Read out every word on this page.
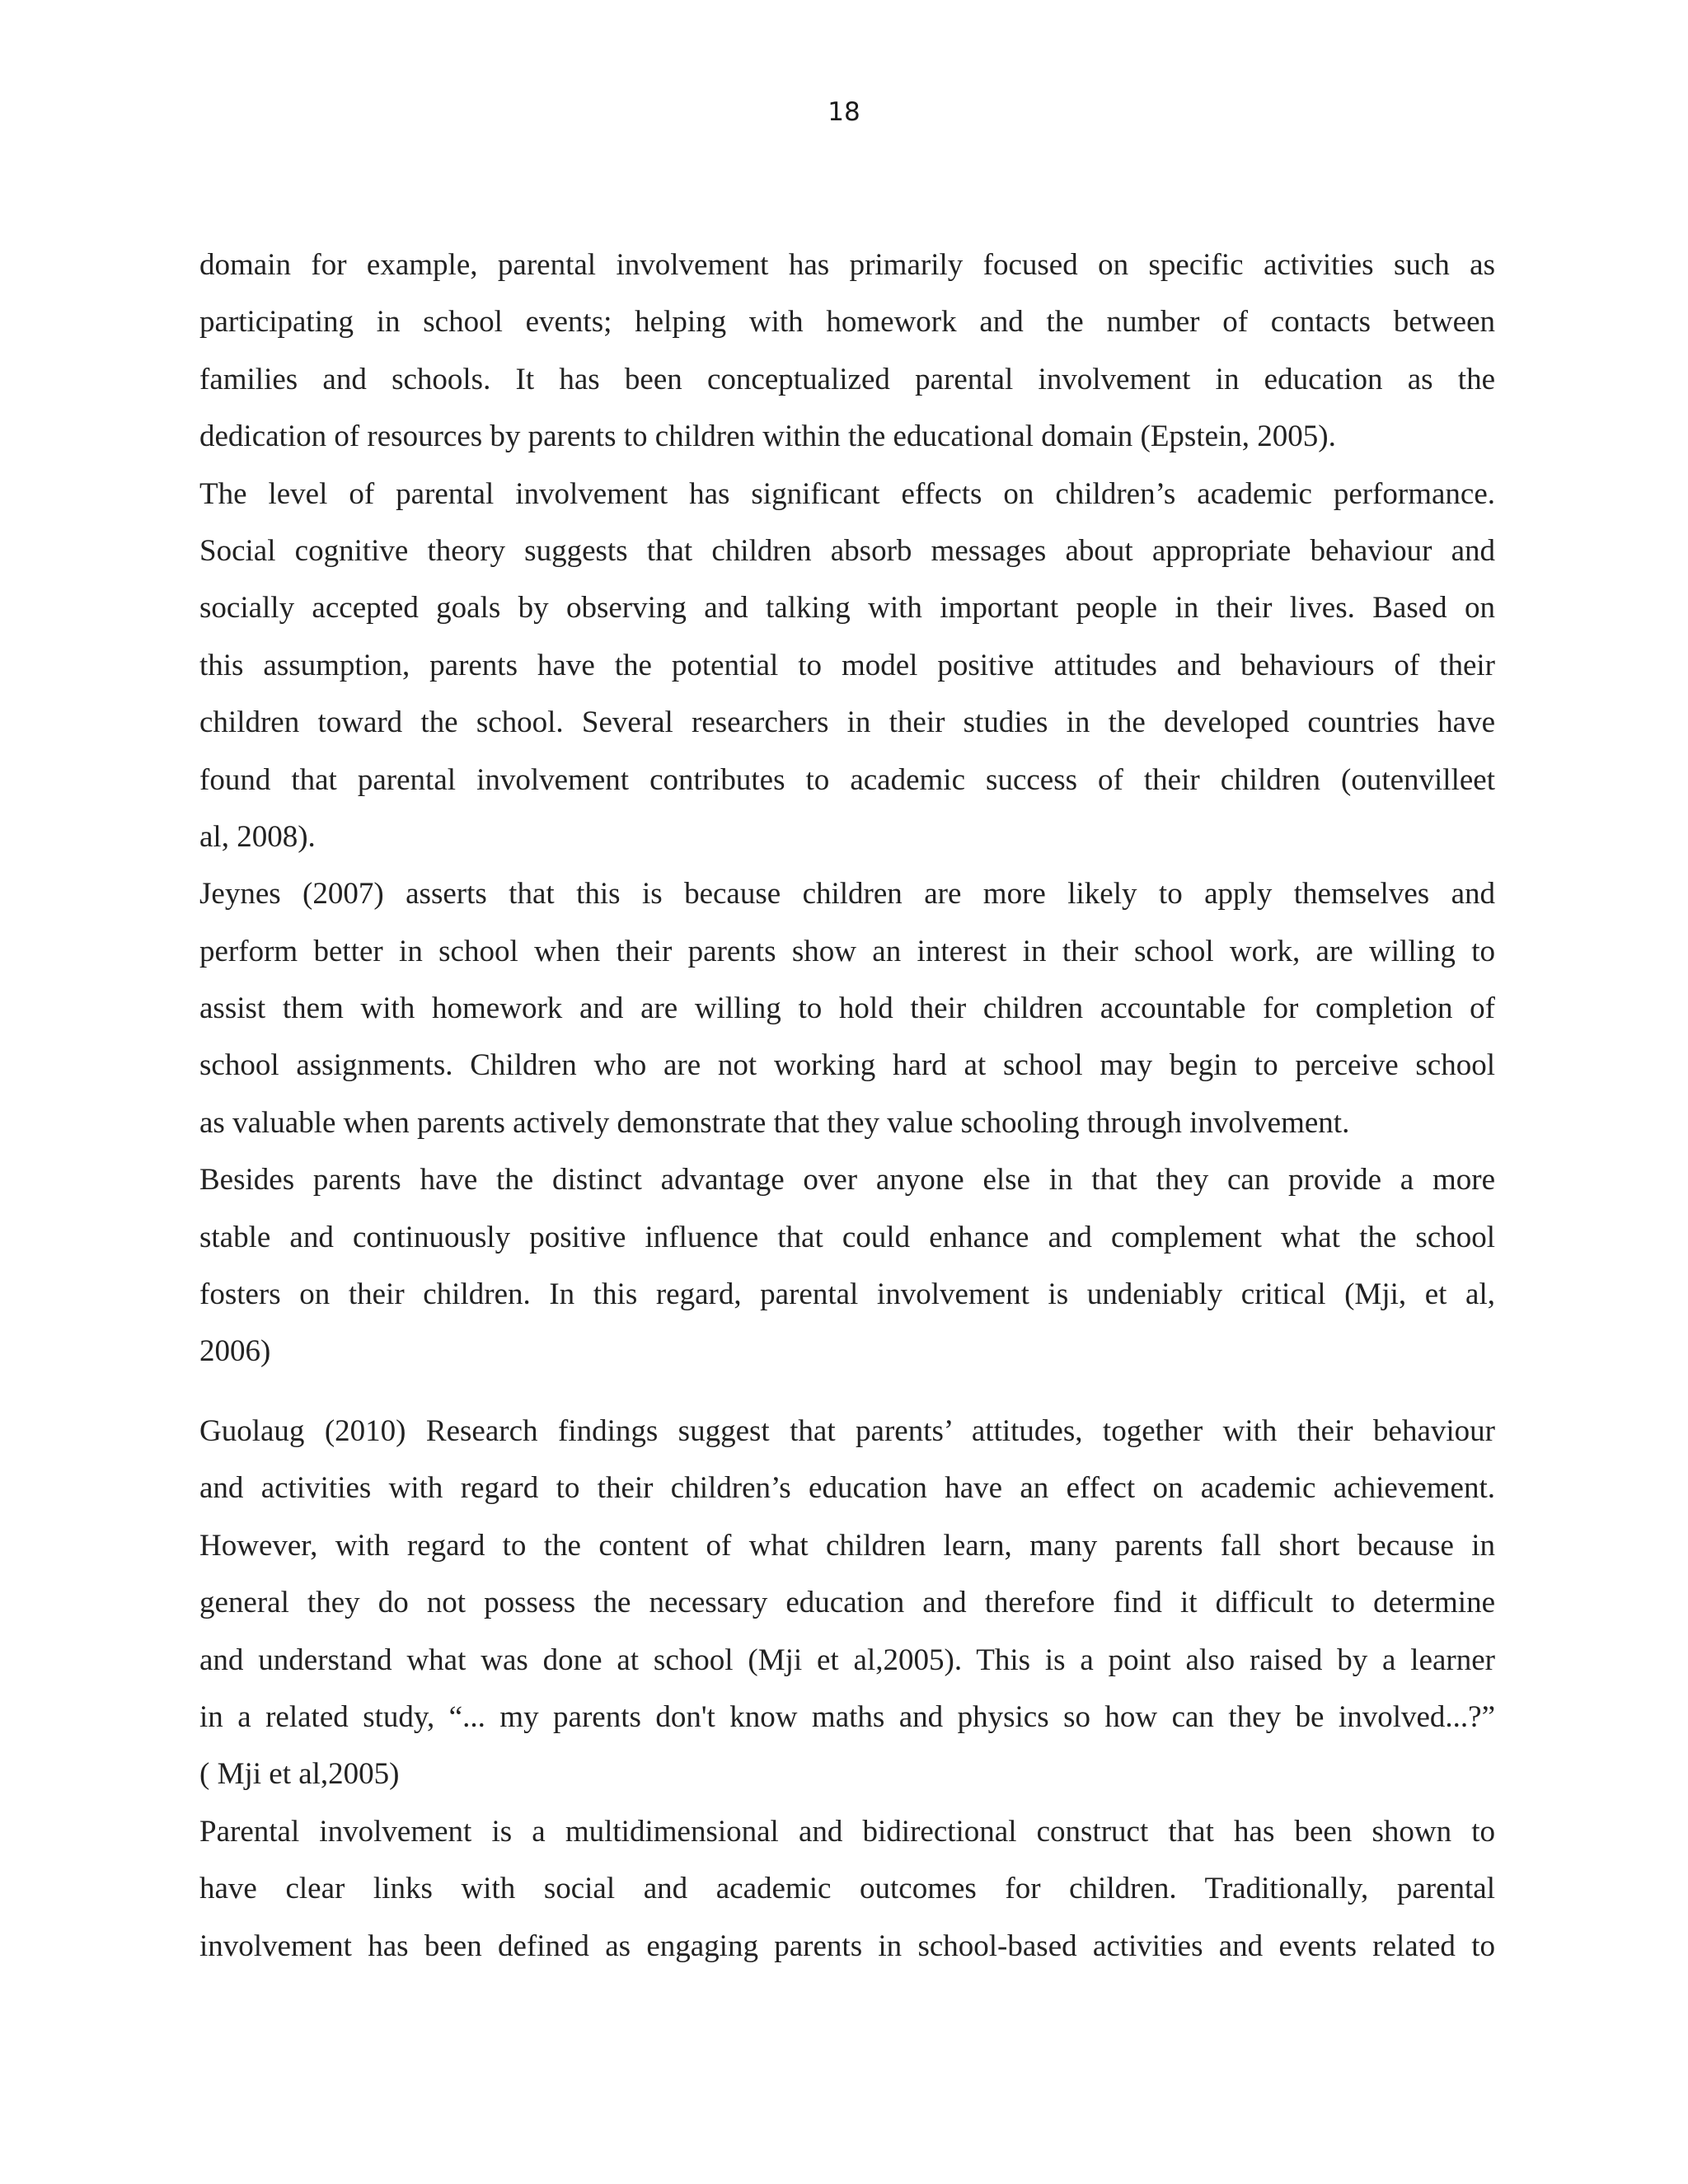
18
domain for example, parental involvement has primarily focused on specific activities such as
participating in school events; helping with homework and the number of contacts between
families and schools. It has been conceptualized parental involvement in education as the
dedication of resources by parents to children within the educational domain (Epstein, 2005).
The level of parental involvement has significant effects on children’s academic performance.
Social cognitive theory suggests that children absorb messages about appropriate behaviour and
socially accepted goals by observing and talking with important people in their lives. Based on
this assumption, parents have the potential to model positive attitudes and behaviours of their
children toward the school. Several researchers in their studies in the developed countries have
found that parental involvement contributes to academic success of their children (outenvilleet
al, 2008).
Jeynes (2007) asserts that this is because children are more likely to apply themselves and
perform better in school when their parents show an interest in their school work, are willing to
assist them with homework and are willing to hold their children accountable for completion of
school assignments. Children who are not working hard at school may begin to perceive school
as valuable when parents actively demonstrate that they value schooling through involvement.
Besides parents have the distinct advantage over anyone else in that they can provide a more
stable and continuously positive influence that could enhance and complement what the school
fosters on their children. In this regard, parental involvement is undeniably critical (Mji, et al,
2006)
Guolaug (2010) Research findings suggest that parents’ attitudes, together with their behaviour
and activities with regard to their children’s education have an effect on academic achievement.
However, with regard to the content of what children learn, many parents fall short because in
general they do not possess the necessary education and therefore find it difficult to determine
and understand what was done at school (Mji et al,2005). This is a point also raised by a learner
in a related study, “... my parents don't know maths and physics so how can they be involved...?”
( Mji et al,2005)
Parental involvement is a multidimensional and bidirectional construct that has been shown to
have clear links with social and academic outcomes for children. Traditionally, parental
involvement has been defined as engaging parents in school-based activities and events related to
